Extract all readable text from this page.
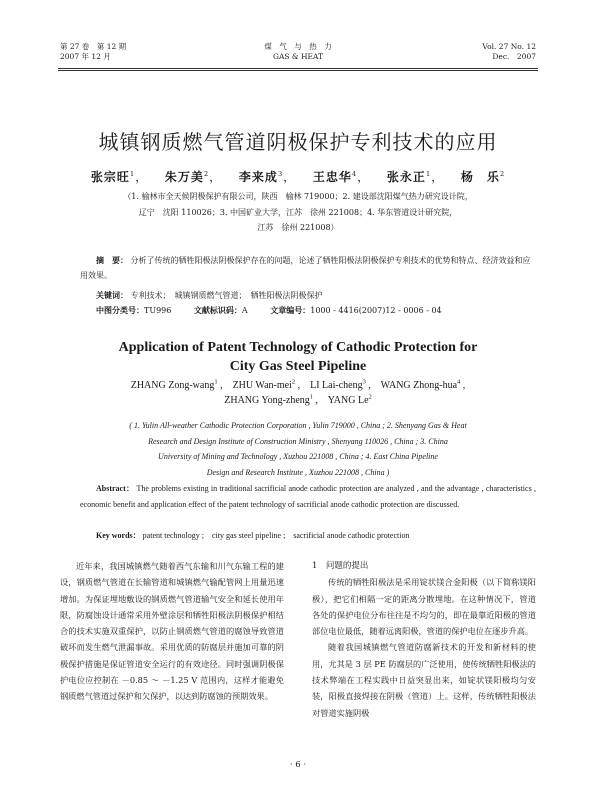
第 27 卷　第 12 期
2007 年 12 月
煤　气　与　热　力
GAS & HEAT
Vol. 27 No. 12
Dec.　2007
城镇钢质燃气管道阴极保护专利技术的应用
张宗旺$^1$， 朱万美$^2$， 李来成$^3$， 王忠华$^4$， 张永正$^1$， 杨　乐$^2$
（1. 榆林市全天候阴极保护有限公司，陕西　榆林 719000；2. 建设部沈阳煤气热力研究设计院，
辽宁　沈阳 110026；3. 中国矿业大学，江苏　徐州 221008；4. 华东管道设计研究院，
江苏　徐州 221008）
摘　要： 分析了传统的牺牲阳极法阴极保护存在的问题，论述了牺牲阳极法阴极保护专利技术的优势和特点、经济效益和应用效果。
关键词： 专利技术；　城镇钢质燃气管道；　牺牲阳极法阴极保护
中图分类号：TU996	文献标识码：A	文章编号：1000 - 4416(2007)12 - 0006 - 04
Application of Patent Technology of Cathodic Protection for
City Gas Steel Pipeline
ZHANG Zong-wang$^1$ ,    ZHU Wan-mei$^2$ ,    LI Lai-cheng$^3$ ,    WANG Zhong-hua$^4$ ,
ZHANG Yong-zheng$^1$ ,    YANG Le$^2$
( 1. Yulin All-weather Cathodic Protection Corporation , Yulin 719000 , China ; 2. Shenyang Gas & Heat
Research and Design Institute of Construction Ministry , Shenyang 110026 , China ; 3. China
University of Mining and Technology , Xuzhou 221008 , China ; 4. East China Pipeline
Design and Research Institute , Xuzhou 221008 , China )
Abstract： The problems existing in traditional sacrificial anode cathodic protection are analyzed , and the advantage , characteristics , economic benefit and application effect of the patent technology of sacrificial anode cathodic protection are discussed.
Key words： patent technology ;　city gas steel pipeline ;　sacrificial anode cathodic protection

近年来，我国城镇燃气随着西气东输和川气东输工程的建设，钢质燃气管道在长输管道和城镇燃气输配管网上用量迅速增加。为保证埋地敷设的钢质燃气管道输气安全和延长使用年限，防腐蚀设计通常采用外壁涂层和牺牲阳极法阴极保护相结合的技术实施双重保护，以防止钢质燃气管道的腐蚀导致管道破坏而发生燃气泄漏事故。采用优质的防腐层并施加可靠的阴极保护措施是保证管道安全运行的有效途径。同时强调阴极保护电位应控制在 －0.85 ～ －1.25 V 范围内，这样才能避免钢质燃气管道过保护和欠保护，以达到防腐蚀的预期效果。

1　问题的提出

传统的牺牲阳极法是采用锭状镁合金阳极（以下简称镁阳极），把它们相隔一定的距离分散埋地。在这种情况下，管道各处的保护电位分布往往是不均匀的，即在最靠近阳极的管道部位电位最低，随着远离阳极，管道的保护电位在逐步升高。

随着我国城镇燃气管道防腐新技术的开发和新材料的使用，尤其是 3 层 PE 防腐层的广泛使用，使传统牺牲阳极法的技术弊端在工程实践中日益突显出来，如锭状镁阳极均匀安装，阳极直接焊接在阴极（管道）上。这样，传统牺牲阳极法对管道实施阴极

· 6 ·
